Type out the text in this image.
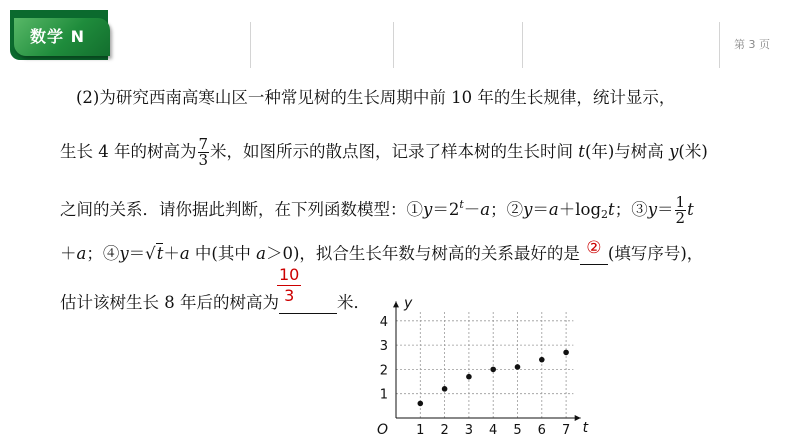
数学 N	第 3 页
(2)为研究西南高寒山区一种常见树的生长周期中前 10 年的生长规律，统计显示，
生长 4 年的树高为 $\frac{7}{3}$ 米，如图所示的散点图，记录了样本树的生长时间 t(年)与树高 y(米)
之间的关系．请你据此判断，在下列函数模型：$①y=2^t-a$；$②y=a+\log_2t$；③y＝ $\frac{1}{2}$ t
＋a；④y＝√t＋a 中(其中 a＞0)，拟合生长年数与树高的关系最好的是 ② (填写序号)，
估计该树生长 8 年后的树高为	米．
$\frac{10}{3}$
1 2 3 4 5 6 7
1
2
3
4
O	t
y
